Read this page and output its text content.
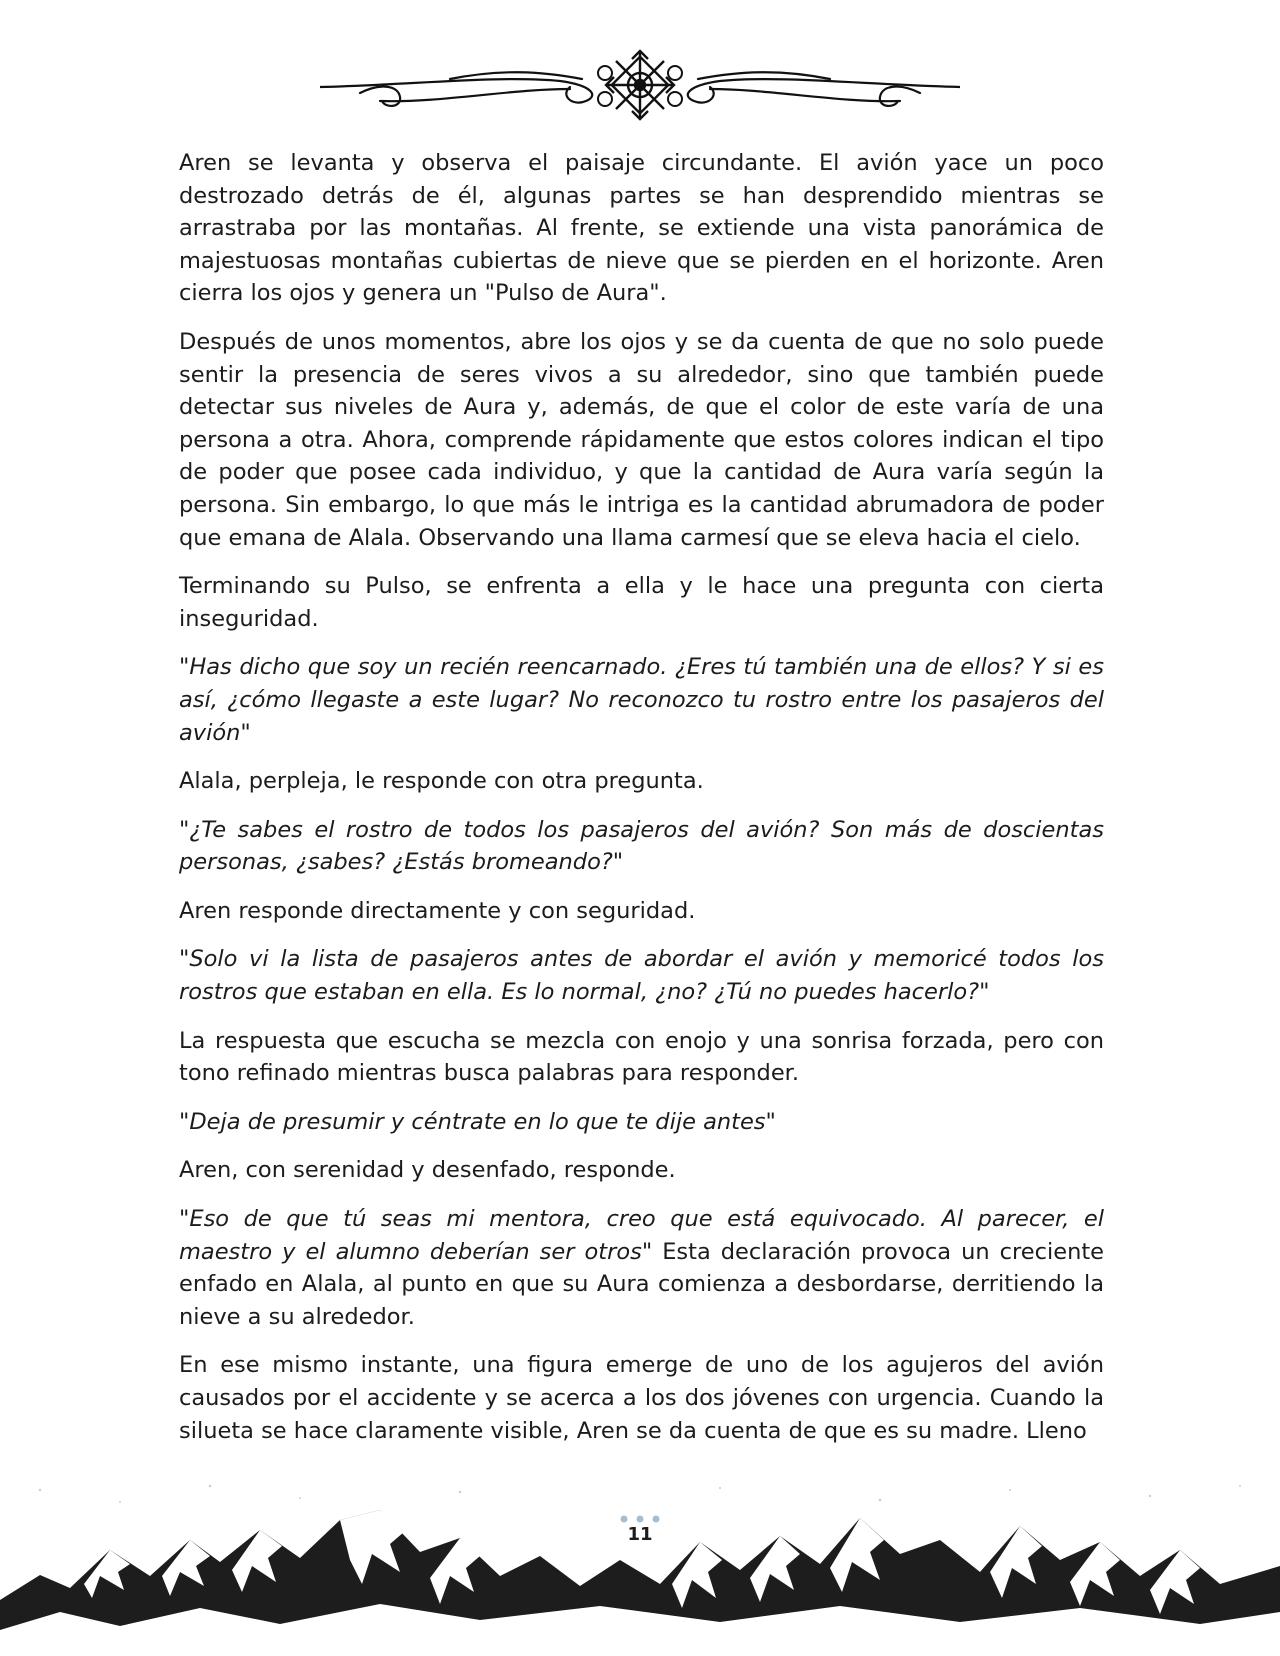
Aren se levanta y observa el paisaje circundante. El avión yace un poco destrozado detrás de él, algunas partes se han desprendido mientras se arrastraba por las montañas. Al frente, se extiende una vista panorámica de majestuosas montañas cubiertas de nieve que se pierden en el horizonte. Aren cierra los ojos y genera un "Pulso de Aura".

Después de unos momentos, abre los ojos y se da cuenta de que no solo puede sentir la presencia de seres vivos a su alrededor, sino que también puede detectar sus niveles de Aura y, además, de que el color de este varía de una persona a otra. Ahora, comprende rápidamente que estos colores indican el tipo de poder que posee cada individuo, y que la cantidad de Aura varía según la persona. Sin embargo, lo que más le intriga es la cantidad abrumadora de poder que emana de Alala. Observando una llama carmesí que se eleva hacia el cielo.

Terminando su Pulso, se enfrenta a ella y le hace una pregunta con cierta inseguridad.

"Has dicho que soy un recién reencarnado. ¿Eres tú también una de ellos? Y si es así, ¿cómo llegaste a este lugar? No reconozco tu rostro entre los pasajeros del avión"

Alala, perpleja, le responde con otra pregunta.

"¿Te sabes el rostro de todos los pasajeros del avión? Son más de doscientas personas, ¿sabes? ¿Estás bromeando?"

Aren responde directamente y con seguridad.

"Solo vi la lista de pasajeros antes de abordar el avión y memoricé todos los rostros que estaban en ella. Es lo normal, ¿no? ¿Tú no puedes hacerlo?"

La respuesta que escucha se mezcla con enojo y una sonrisa forzada, pero con tono refinado mientras busca palabras para responder.

"Deja de presumir y céntrate en lo que te dije antes"

Aren, con serenidad y desenfado, responde.

"Eso de que tú seas mi mentora, creo que está equivocado. Al parecer, el maestro y el alumno deberían ser otros" Esta declaración provoca un creciente enfado en Alala, al punto en que su Aura comienza a desbordarse, derritiendo la nieve a su alrededor.

En ese mismo instante, una figura emerge de uno de los agujeros del avión causados por el accidente y se acerca a los dos jóvenes con urgencia. Cuando la silueta se hace claramente visible, Aren se da cuenta de que es su madre. Lleno

11
